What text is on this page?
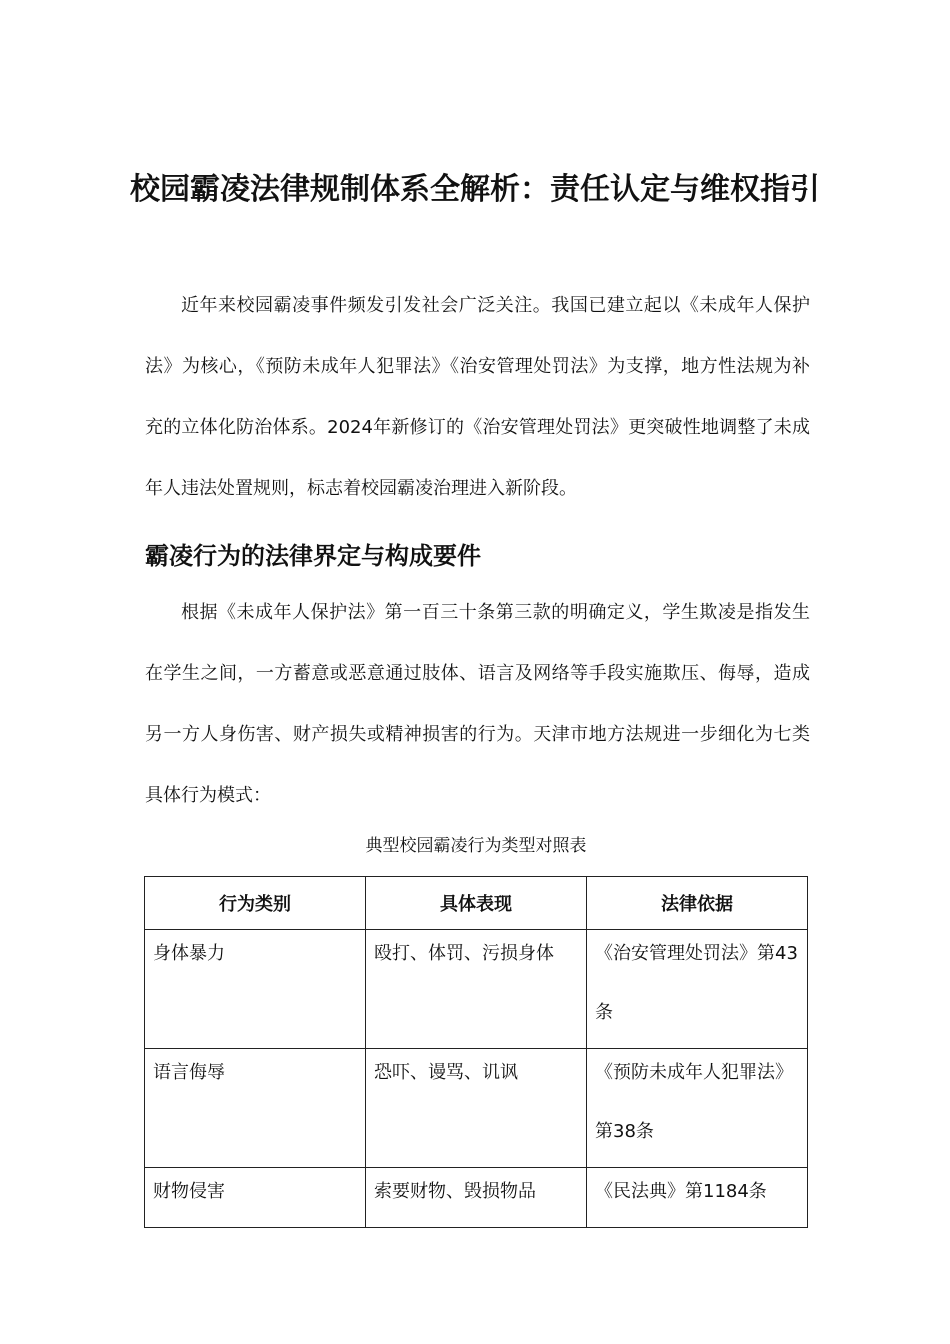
校园霸凌法律规制体系全解析：责任认定与维权指引

近年来校园霸凌事件频发引发社会广泛关注。我国已建立起以《未成年人保护法》为核心，《预防未成年人犯罪法》《治安管理处罚法》为支撑，地方性法规为补充的立体化防治体系。2024年新修订的《治安管理处罚法》更突破性地调整了未成年人违法处置规则，标志着校园霸凌治理进入新阶段。

霸凌行为的法律界定与构成要件

根据《未成年人保护法》第一百三十条第三款的明确定义，学生欺凌是指发生在学生之间，一方蓄意或恶意通过肢体、语言及网络等手段实施欺压、侮辱，造成另一方人身伤害、财产损失或精神损害的行为。天津市地方法规进一步细化为七类具体行为模式：

典型校园霸凌行为类型对照表
行为类别	具体表现	法律依据

身体暴力	殴打、体罚、污损身体	《治安管理处罚法》第43条

语言侮辱	恐吓、谩骂、讥讽	《预防未成年人犯罪法》第38条

财物侵害	索要财物、毁损物品	《民法典》第1184条
